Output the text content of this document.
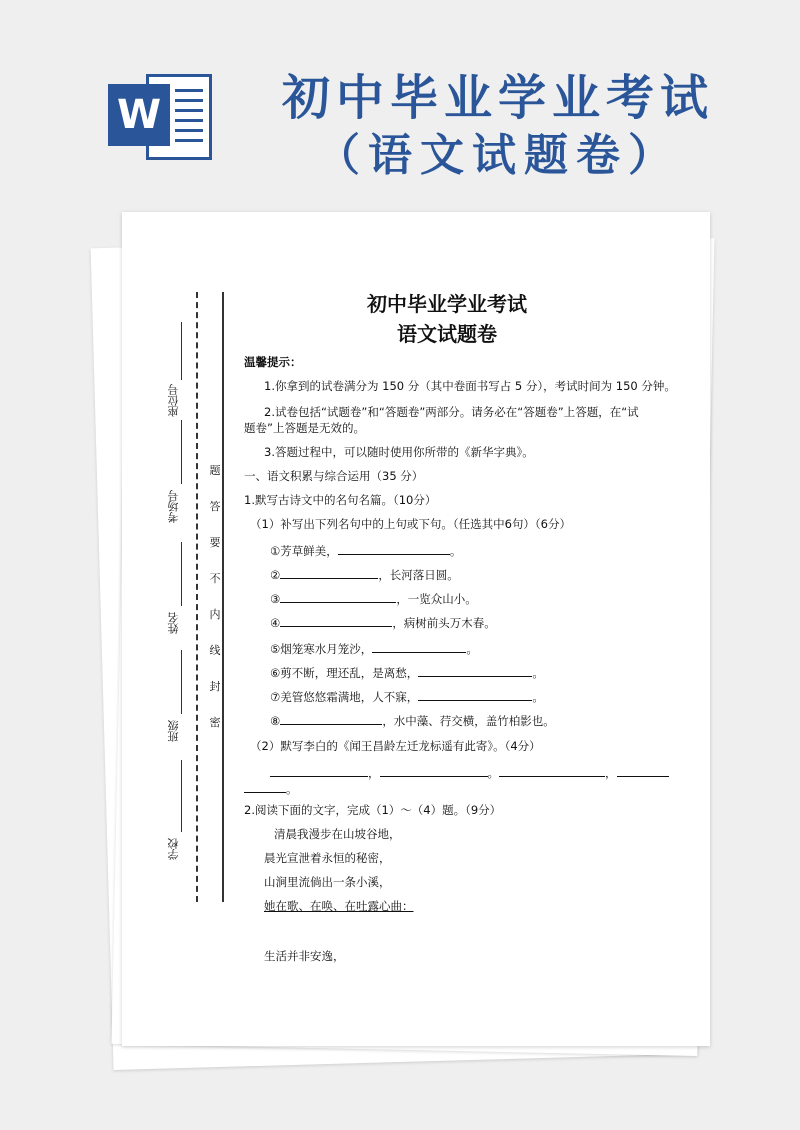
W	初中毕业学业考试
（语文试题卷）
座位号
考场号
姓名
班级
学校
题
答
要
不
内
线
封
密
初中毕业学业考试
语文试题卷
温馨提示：
1.你拿到的试卷满分为 150 分（其中卷面书写占 5 分），考试时间为 150 分钟。
2.试卷包括“试题卷”和“答题卷”两部分。请务必在“答题卷”上答题，在“试
题卷”上答题是无效的。
3.答题过程中，可以随时使用你所带的《新华字典》。
一、语文积累与综合运用（35 分）
1.默写古诗文中的名句名篇。（10分）
（1）补写出下列名句中的上句或下句。（任选其中6句）（6分）
①芳草鲜美，	。
②	，长河落日圆。
③	，一览众山小。
④	，病树前头万木春。
⑤烟笼寒水月笼沙，	。
⑥剪不断，理还乱，是离愁，	。
⑦羌管悠悠霜满地，人不寐，	。
⑧	，水中藻、荇交横，盖竹柏影也。
（2）默写李白的《闻王昌龄左迁龙标遥有此寄》。（4分）
，	。	，
。
2.阅读下面的文字，完成（1）～（4）题。（9分）
清晨我漫步在山坡谷地，
晨光宣泄着永恒的秘密，
山涧里流倘出一条小溪，
她在歌、在唤、在吐露心曲：
生活并非安逸，
